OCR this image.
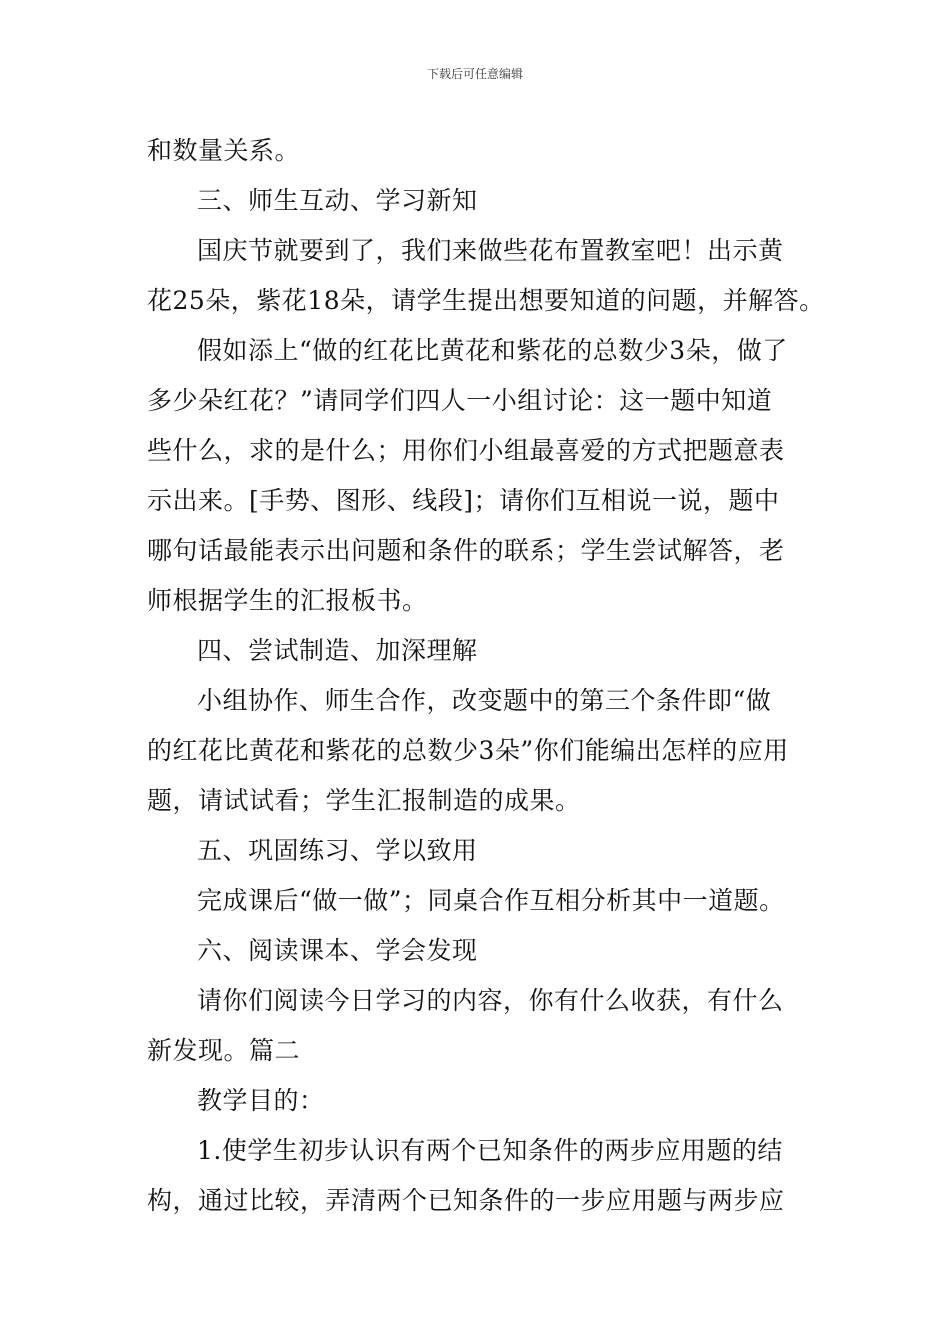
下载后可任意编辑
和数量关系。
三、师生互动、学习新知
国庆节就要到了，我们来做些花布置教室吧！出示黄
花25朵，紫花18朵，请学生提出想要知道的问题，并解答。
假如添上“做的红花比黄花和紫花的总数少3朵，做了
多少朵红花？”请同学们四人一小组讨论：这一题中知道
些什么，求的是什么；用你们小组最喜爱的方式把题意表
示出来。[手势、图形、线段]；请你们互相说一说，题中
哪句话最能表示出问题和条件的联系；学生尝试解答，老
师根据学生的汇报板书。
四、尝试制造、加深理解
小组协作、师生合作，改变题中的第三个条件即“做
的红花比黄花和紫花的总数少3朵”你们能编出怎样的应用
题，请试试看；学生汇报制造的成果。
五、巩固练习、学以致用
完成课后“做一做”；同桌合作互相分析其中一道题。
六、阅读课本、学会发现
请你们阅读今日学习的内容，你有什么收获，有什么
新发现。篇二
教学目的：
1.使学生初步认识有两个已知条件的两步应用题的结
构，通过比较，弄清两个已知条件的一步应用题与两步应
